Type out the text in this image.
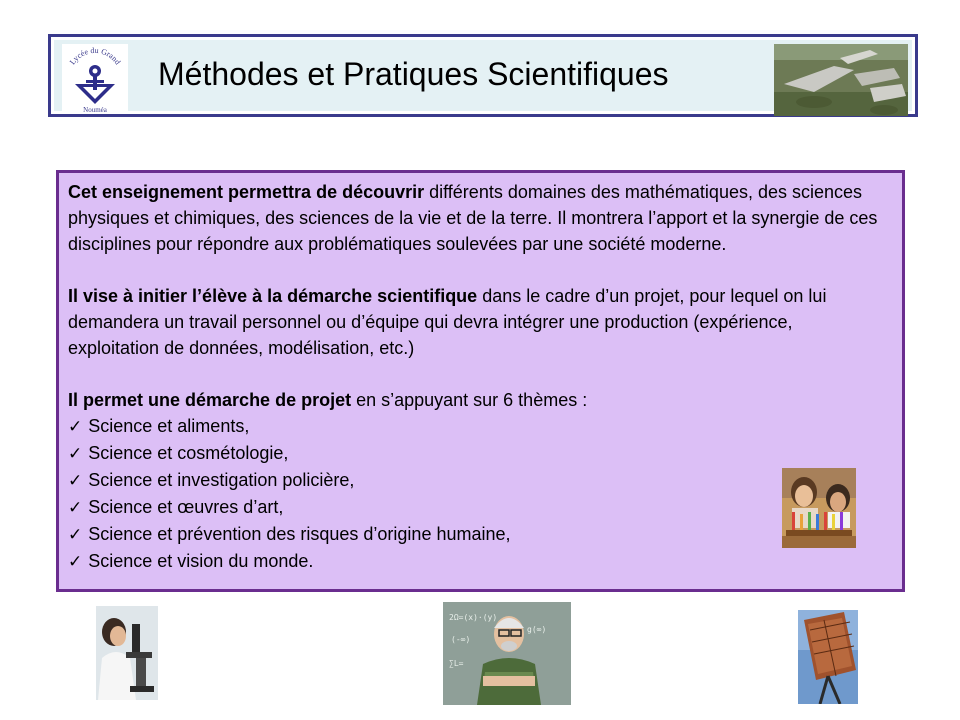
Lycée du Grand
Nouméa
Méthodes et Pratiques Scientifiques

Cet enseignement permettra de découvrir différents domaines des mathématiques, des sciences physiques et chimiques, des sciences de la vie et de la terre. Il montrera l’apport et la synergie de ces disciplines pour répondre aux problématiques soulevées par une société moderne.

Il vise à initier l’élève à la démarche scientifique dans le cadre d’un projet, pour lequel on lui demandera un travail personnel ou d’équipe qui devra intégrer une production (expérience, exploitation de données, modélisation, etc.)

Il permet une démarche de projet en s’appuyant sur 6 thèmes :

✓ Science et aliments,
✓ Science et cosmétologie,
✓ Science et investigation policière,
✓ Science et œuvres d’art,
✓ Science et prévention des risques d’origine humaine,
✓ Science et vision du monde.
2Ω=(x)·(y)
(-∞)
g(∞)
∑L=
